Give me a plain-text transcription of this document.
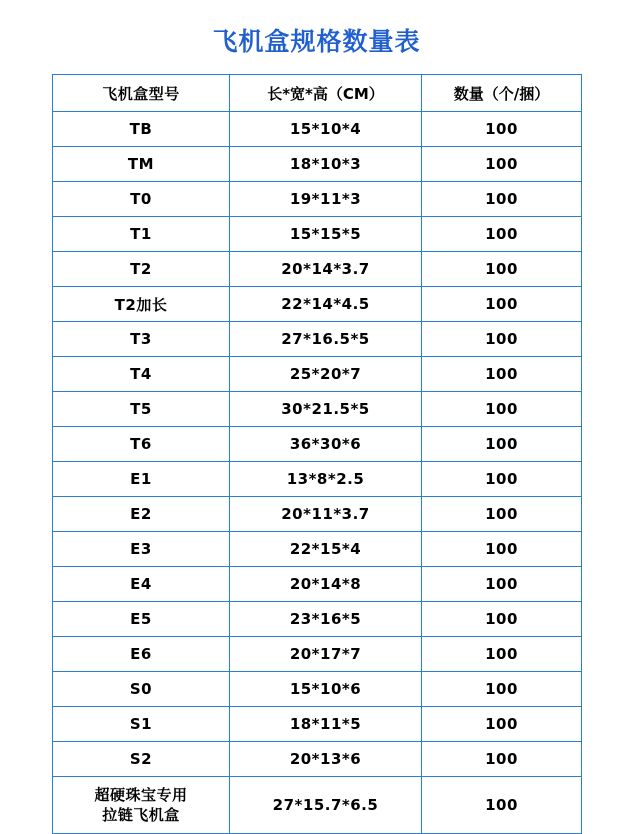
飞机盒规格数量表
飞机盒型号	长*宽*高（CM）	数量（个/捆）
TB	15*10*4	100
TM	18*10*3	100
T0	19*11*3	100
T1	15*15*5	100
T2	20*14*3.7	100
T2加长	22*14*4.5	100
T3	27*16.5*5	100
T4	25*20*7	100
T5	30*21.5*5	100
T6	36*30*6	100
E1	13*8*2.5	100
E2	20*11*3.7	100
E3	22*15*4	100
E4	20*14*8	100
E5	23*16*5	100
E6	20*17*7	100
S0	15*10*6	100
S1	18*11*5	100
S2	20*13*6	100

超硬珠宝专用
拉链飞机盒	27*15.7*6.5	100
